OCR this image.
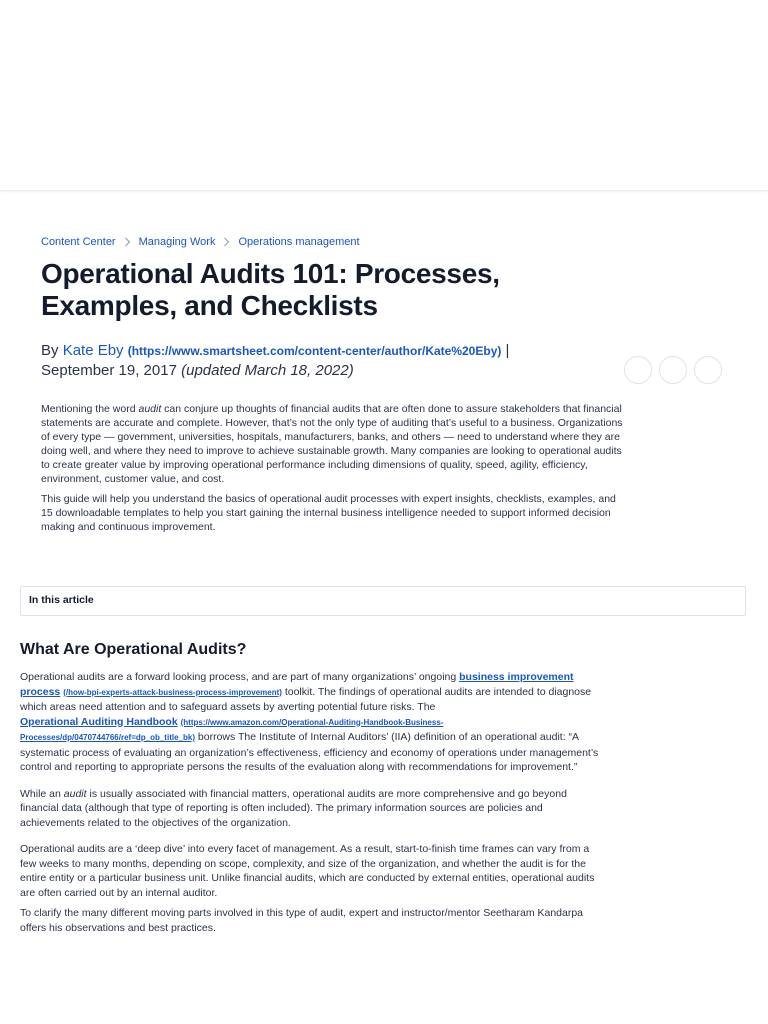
Content Center Managing Work Operations management
Operational Audits 101: Processes, Examples, and Checklists
By Kate Eby (https://www.smartsheet.com/content-center/author/Kate%20Eby) |
September 19, 2017 (updated March 18, 2022)

Mentioning the word audit can conjure up thoughts of financial audits that are often done to assure stakeholders that financial statements are accurate and complete. However, that’s not the only type of auditing that’s useful to a business. Organizations of every type — government, universities, hospitals, manufacturers, banks, and others — need to understand where they are doing well, and where they need to improve to achieve sustainable growth. Many companies are looking to operational audits to create greater value by improving operational performance including dimensions of quality, speed, agility, efficiency, environment, customer value, and cost.

This guide will help you understand the basics of operational audit processes with expert insights, checklists, examples, and 15 downloadable templates to help you start gaining the internal business intelligence needed to support informed decision making and continuous improvement.

In this article
What Are Operational Audits?

Operational audits are a forward looking process, and are part of many organizations’ ongoing business improvement process (/how-bpi-experts-attack-business-process-improvement) toolkit. The findings of operational audits are intended to diagnose which areas need attention and to safeguard assets by averting potential future risks. The
Operational Auditing Handbook (https://www.amazon.com/Operational-Auditing-Handbook-Business-Processes/dp/0470744766/ref=dp_ob_title_bk) borrows The Institute of Internal Auditors’ (IIA) definition of an operational audit: “A systematic process of evaluating an organization’s effectiveness, efficiency and economy of operations under management’s control and reporting to appropriate persons the results of the evaluation along with recommendations for improvement.”

While an audit is usually associated with financial matters, operational audits are more comprehensive and go beyond financial data (although that type of reporting is often included). The primary information sources are policies and achievements related to the objectives of the organization.

Operational audits are a ‘deep dive’ into every facet of management. As a result, start-to-finish time frames can vary from a few weeks to many months, depending on scope, complexity, and size of the organization, and whether the audit is for the entire entity or a particular business unit. Unlike financial audits, which are conducted by external entities, operational audits are often carried out by an internal auditor.

To clarify the many different moving parts involved in this type of audit, expert and instructor/mentor Seetharam Kandarpa offers his observations and best practices.
